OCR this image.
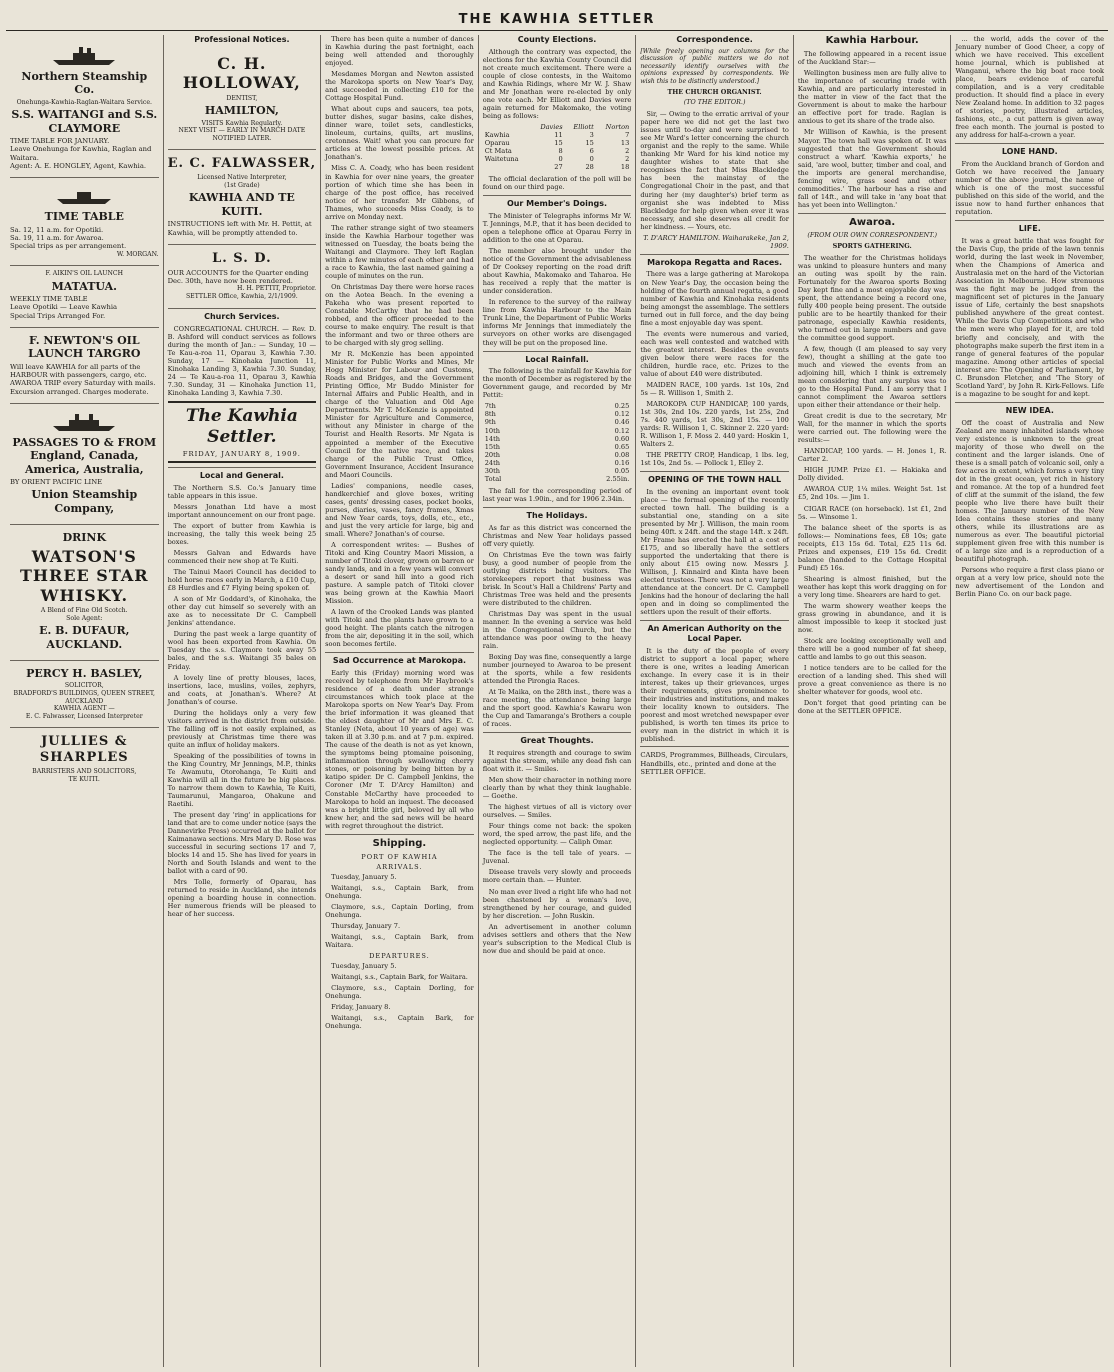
THE KAWHIA SETTLER
Northern Steamship Co.
Onehunga-Kawhia-Raglan-Waitara Service.
S.S. WAITANGI and S.S. CLAYMORE
TIME TABLE FOR JANUARY.
Leave Onehunga for Kawhia, Raglan and Waitara.
Agent: A. E. HONGLEY, Agent, Kawhia.
TIME TABLE
Sa. 12, 11 a.m. for Opotiki.
Sa. 19, 11 a.m. for Awaroa.
Special trips as per arrangement.
W. MORGAN.
F. AIKIN'S OIL LAUNCH
MATATUA.
WEEKLY TIME TABLE
Leave Opotiki — Leave Kawhia
Special Trips Arranged For.
F. NEWTON'S OIL LAUNCH TARGRO
Will leave KAWHIA for all parts of the HARBOUR with passengers, cargo, etc.
AWAROA TRIP every Saturday with mails.
Excursion arranged. Charges moderate.
PASSAGES TO & FROM England, Canada, America, Australia,
BY ORIENT PACIFIC LINE
Union Steamship Company,
DRINK
WATSON'S THREE STAR WHISKY.
A Blend of Fine Old Scotch.
Sole Agent:
E. B. DUFAUR, AUCKLAND.
PERCY H. BASLEY,
SOLICITOR,
BRADFORD'S BUILDINGS, QUEEN STREET, AUCKLAND
KAWHIA AGENT —
E. C. Falwasser, Licensed Interpreter
JULLIES & SHARPLES
BARRISTERS AND SOLICITORS,
TE KUITI.
Professional Notices.
C. H. HOLLOWAY,
DENTIST,
HAMILTON,
VISITS Kawhia Regularly.
NEXT VISIT — EARLY IN MARCH DATE NOTIFIED LATER.
E. C. FALWASSER,
Licensed Native Interpreter,
(1st Grade)
KAWHIA AND TE KUITI.
INSTRUCTIONS left with Mr. H. Pettit, at Kawhia, will be promptly attended to.
L. S. D.
OUR ACCOUNTS for the Quarter ending Dec. 30th, have now been rendered.
H. H. PETTIT, Proprietor.
SETTLER Office, Kawhia, 2/1/1909.
Church Services.

CONGREGATIONAL CHURCH. — Rev. D. B. Ashford will conduct services as follows during the month of Jan.: — Sunday, 10 — Te Kau-a-roa 11, Oparau 3, Kawhia 7.30. Sunday, 17 — Kinohaka Junction 11, Kinohaka Landing 3, Kawhia 7.30. Sunday, 24 — Te Kau-a-roa 11, Oparau 3, Kawhia 7.30. Sunday, 31 — Kinohaka Junction 11, Kinohaka Landing 3, Kawhia 7.30.

The Kawhia Settler.
FRIDAY, JANUARY 8, 1909.
Local and General.

The Northern S.S. Co.'s January time table appears in this issue.

Messrs Jonathan Ltd have a most important announcement on our front page.

The export of butter from Kawhia is increasing, the tally this week being 25 boxes.

Messrs Galvan and Edwards have commenced their new shop at Te Kuiti.

The Tainui Maori Council has decided to hold horse races early in March, a £10 Cup, £8 Hurdles and £7 Flying being spoken of.

A son of Mr Goddard's, of Kinohaka, the other day cut himself so severely with an axe as to necessitate Dr C. Campbell Jenkins' attendance.

During the past week a large quantity of wool has been exported from Kawhia. On Tuesday the s.s. Claymore took away 55 bales, and the s.s. Waitangi 35 bales on Friday.

A lovely line of pretty blouses, laces, insertions, lace, muslins, voiles, zephyrs, and coats, at Jonathan's. Where? At Jonathan's of course.

During the holidays only a very few visitors arrived in the district from outside. The falling off is not easily explained, as previously at Christmas time there was quite an influx of holiday makers.

Speaking of the possibilities of towns in the King Country, Mr Jennings, M.P., thinks Te Awamutu, Otorohanga, Te Kuiti and Kawhia will all in the future be big places. To narrow them down to Kawhia, Te Kuiti, Taumarunui, Mangaroa, Ohakune and Raetihi.

The present day 'ring' in applications for land that are to come under notice (says the Dannevirke Press) occurred at the ballot for Kaimanawa sections. Mrs Mary D. Rose was successful in securing sections 17 and 7, blocks 14 and 15. She has lived for years in North and South Islands and went to the ballot with a card of 90.

Mrs Tolle, formerly of Oparau, has returned to reside in Auckland, she intends opening a boarding house in connection. Her numerous friends will be pleased to hear of her success.

There has been quite a number of dances in Kawhia during the past fortnight, each being well attended and thoroughly enjoyed.

Mesdames Morgan and Newton assisted the Marokopa sports on New Year's Day, and succeeded in collecting £10 for the Cottage Hospital Fund.

What about cups and saucers, tea pots, butter dishes, sugar basins, cake dishes, dinner ware, toilet sets, candlesticks, linoleum, curtains, quilts, art muslins, cretonnes. Wait! what you can procure for articles at the lowest possible prices. At Jonathan's.

Miss C. A. Coady, who has been resident in Kawhia for over nine years, the greater portion of which time she has been in charge of the post office, has received notice of her transfer. Mr Gibbons, of Thames, who succeeds Miss Coady, is to arrive on Monday next.

The rather strange sight of two steamers inside the Kawhia Harbour together was witnessed on Tuesday, the boats being the Waitangi and Claymore. They left Raglan within a few minutes of each other and had a race to Kawhia, the last named gaining a couple of minutes on the run.

On Christmas Day there were horse races on the Aotea Beach. In the evening a Pakeha who was present reported to Constable McCarthy that he had been robbed, and the officer proceeded to the course to make enquiry. The result is that the informant and two or three others are to be charged with sly grog selling.

Mr R. McKenzie has been appointed Minister for Public Works and Mines, Mr Hogg Minister for Labour and Customs, Roads and Bridges, and the Government Printing Office, Mr Buddo Minister for Internal Affairs and Public Health, and in charge of the Valuation and Old Age Departments. Mr T. McKenzie is appointed Minister for Agriculture and Commerce, without any Minister in charge of the Tourist and Health Resorts. Mr Ngata is appointed a member of the Executive Council for the native race, and takes charge of the Public Trust Office, Government Insurance, Accident Insurance and Maori Councils.

Ladies' companions, needle cases, handkerchief and glove boxes, writing cases, gents' dressing cases, pocket books, purses, diaries, vases, fancy frames, Xmas and New Year cards, toys, dolls, etc., etc., and just the very article for large, big and small. Where? Jonathan's of course.

A correspondent writes: — Bushes of Titoki and King Country Maori Mission, a number of Titoki clover, grown on barren or sandy lands, and in a few years will convert a desert or sand hill into a good rich pasture. A sample patch of Titoki clover was being grown at the Kawhia Maori Mission.

A lawn of the Crooked Lands was planted with Titoki and the plants have grown to a good height. The plants catch the nitrogen from the air, depositing it in the soil, which soon becomes fertile.

Sad Occurrence at Marokopa.

Early this (Friday) morning word was received by telephone from Mr Haybrook's residence of a death under strange circumstances which took place at the Marokopa sports on New Year's Day. From the brief information it was gleaned that the eldest daughter of Mr and Mrs E. C. Stanley (Neta, about 10 years of age) was taken ill at 3.30 p.m. and at 7 p.m. expired. The cause of the death is not as yet known, the symptoms being ptomaine poisoning, inflammation through swallowing cherry stones, or poisoning by being bitten by a katipo spider. Dr C. Campbell Jenkins, the Coroner (Mr T. D'Arcy Hamilton) and Constable McCarthy have proceeded to Marokopa to hold an inquest. The deceased was a bright little girl, beloved by all who knew her, and the sad news will be heard with regret throughout the district.

Shipping.
PORT OF KAWHIA
ARRIVALS.

Tuesday, January 5.

Waitangi, s.s., Captain Bark, from Onehunga.

Claymore, s.s., Captain Dorling, from Onehunga.

Thursday, January 7.

Waitangi, s.s., Captain Bark, from Waitara.

DEPARTURES.

Tuesday, January 5.

Waitangi, s.s., Captain Bark, for Waitara.

Claymore, s.s., Captain Dorling, for Onehunga.

Friday, January 8.

Waitangi, s.s., Captain Bark, for Onehunga.

County Elections.

Although the contrary was expected, the elections for the Kawhia County Council did not create much excitement. There were a couple of close contests, in the Waitomo and Kawhia Ridings, where Mr W. J. Shaw and Mr Jonathan were re-elected by only one vote each. Mr Elliott and Davies were again returned for Makomako, the voting being as follows:

	Davies	Elliott	Norton
Kawhia	11	3	7
Oparau	15	15	13
Ct Mata	8	6	2
Waitetuna	0	0	2
	27	28	18

The official declaration of the poll will be found on our third page.

Our Member's Doings.

The Minister of Telegraphs informs Mr W. T. Jennings, M.P., that it has been decided to open a telephone office at Oparau Ferry in addition to the one at Oparau.

The member also brought under the notice of the Government the advisableness of Dr Cooksey reporting on the road drift about Kawhia, Makomako and Taharoa. He has received a reply that the matter is under consideration.

In reference to the survey of the railway line from Kawhia Harbour to the Main Trunk Line, the Department of Public Works informs Mr Jennings that immediately the surveyors on other works are disengaged they will be put on the proposed line.

Local Rainfall.

The following is the rainfall for Kawhia for the month of December as registered by the Government gauge, and recorded by Mr Pettit:

7th	0.25
8th	0.12
9th	0.46
10th	0.12
14th	0.60
15th	0.65
20th	0.08
24th	0.16
30th	0.05
Total	2.55in.

The fall for the corresponding period of last year was 1.90in., and for 1906 2.34in.

The Holidays.

As far as this district was concerned the Christmas and New Year holidays passed off very quietly.

On Christmas Eve the town was fairly busy, a good number of people from the outlying districts being visitors. The storekeepers report that business was brisk. In Scout's Hall a Childrens' Party and Christmas Tree was held and the presents were distributed to the children.

Christmas Day was spent in the usual manner. In the evening a service was held in the Congregational Church, but the attendance was poor owing to the heavy rain.

Boxing Day was fine, consequently a large number journeyed to Awaroa to be present at the sports, while a few residents attended the Pirongia Races.

At Te Maika, on the 28th inst., there was a race meeting, the attendance being large and the sport good. Kawhia's Kawaru won the Cup and Tamaranga's Brothers a couple of races.

Great Thoughts.

It requires strength and courage to swim against the stream, while any dead fish can float with it. — Smiles.

Men show their character in nothing more clearly than by what they think laughable. — Goethe.

The highest virtues of all is victory over ourselves. — Smiles.

Four things come not back: the spoken word, the sped arrow, the past life, and the neglected opportunity. — Caliph Omar.

The face is the tell tale of years. — Juvenal.

Disease travels very slowly and proceeds more certain than. — Hunter.

No man ever lived a right life who had not been chastened by a woman's love, strengthened by her courage, and guided by her discretion. — John Ruskin.

An advertisement in another column advises settlers and others that the New year's subscription to the Medical Club is now due and should be paid at once.

Correspondence.
[While freely opening our columns for the discussion of public matters we do not necessarily identify ourselves with the opinions expressed by correspondents. We wish this to be distinctly understood.]
THE CHURCH ORGANIST.
(TO THE EDITOR.)

Sir, — Owing to the erratic arrival of your paper here we did not get the last two issues until to-day and were surprised to see Mr Ward's letter concerning the church organist and the reply to the same. While thanking Mr Ward for his kind notice my daughter wishes to state that she recognises the fact that Miss Blackledge has been the mainstay of the Congregational Choir in the past, and that during her (my daughter's) brief term as organist she was indebted to Miss Blackledge for help given when ever it was necessary, and she deserves all credit for her kindness. — Yours, etc.

T. D'ARCY HAMILTON. Waiharakeke, Jan 2, 1909.
Marokopa Regatta and Races.

There was a large gathering at Marokopa on New Year's Day, the occasion being the holding of the fourth annual regatta, a good number of Kawhia and Kinohaka residents being amongst the assemblage. The settlers turned out in full force, and the day being fine a most enjoyable day was spent.

The events were numerous and varied, each was well contested and watched with the greatest interest. Besides the events given below there were races for the children, hurdle race, etc. Prizes to the value of about £40 were distributed.

MAIDEN RACE, 100 yards. 1st 10s, 2nd 5s — R. Willison 1, Smith 2.

MAROKOPA CUP HANDICAP, 100 yards, 1st 30s, 2nd 10s. 220 yards, 1st 25s, 2nd 7s. 440 yards, 1st 30s, 2nd 15s. — 100 yards: R. Willison 1, C. Skinner 2. 220 yard: R. Willison 1, F. Moss 2. 440 yard: Hoskin 1, Walters 2.

THE PRETTY CROP, Handicap, 1 lbs. leg, 1st 10s, 2nd 5s. — Pollock 1, Elley 2.

OPENING OF THE TOWN HALL

In the evening an important event took place — the formal opening of the recently erected town hall. The building is a substantial one, standing on a site presented by Mr J. Willison, the main room being 40ft. x 24ft. and the stage 14ft. x 24ft. Mr Frame has erected the hall at a cost of £175, and so liberally have the settlers supported the undertaking that there is only about £15 owing now. Messrs J. Willison, J. Kinnaird and Kinta have been elected trustees. There was not a very large attendance at the concert. Dr C. Campbell Jenkins had the honour of declaring the hall open and in doing so complimented the settlers upon the result of their efforts.

An American Authority on the Local Paper.

It is the duty of the people of every district to support a local paper, where there is one, writes a leading American exchange. In every case it is in their interest, takes up their grievances, urges their requirements, gives prominence to their industries and institutions, and makes their locality known to outsiders. The poorest and most wretched newspaper ever published, is worth ten times its price to every man in the district in which it is published.

CARDS, Programmes, Billheads, Circulars, Handbills, etc., printed and done at the SETTLER OFFICE.
Kawhia Harbour.

The following appeared in a recent issue of the Auckland Star:—

Wellington business men are fully alive to the importance of securing trade with Kawhia, and are particularly interested in the matter in view of the fact that the Government is about to make the harbour an effective port for trade. Raglan is anxious to get its share of the trade also.

Mr Willison of Kawhia, is the present Mayor. The town hall was spoken of. It was suggested that the Government should construct a wharf. 'Kawhia exports,' he said, 'are wool, butter, timber and coal, and the imports are general merchandise, fencing wire, grass seed and other commodities.' The harbour has a rise and fall of 14ft., and will take in 'any boat that has yet been into Wellington.'

Awaroa.
(FROM OUR OWN CORRESPONDENT.)
SPORTS GATHERING.

The weather for the Christmas holidays was unkind to pleasure hunters and many an outing was spoilt by the rain. Fortunately for the Awaroa sports Boxing Day kept fine and a most enjoyable day was spent, the attendance being a record one, fully 400 people being present. The outside public are to be heartily thanked for their patronage, especially Kawhia residents, who turned out in large numbers and gave the committee good support.

A few, though (I am pleased to say very few), thought a shilling at the gate too much and viewed the events from an adjoining hill, which I think is extremely mean considering that any surplus was to go to the Hospital Fund. I am sorry that I cannot compliment the Awaroa settlers upon either their attendance or their help.

Great credit is due to the secretary, Mr Wall, for the manner in which the sports were carried out. The following were the results:—

HANDICAP, 100 yards. — H. Jones 1, R. Carter 2.

HIGH JUMP. Prize £1. — Hakiaka and Dolly divided.

AWAROA CUP, 1¼ miles. Weight 5st. 1st £5, 2nd 10s. — Jim 1.

CIGAR RACE (on horseback). 1st £1, 2nd 5s. — Winsome 1.

The balance sheet of the sports is as follows:— Nominations fees, £8 10s; gate receipts, £13 15s 6d. Total, £25 11s 6d. Prizes and expenses, £19 15s 6d. Credit balance (handed to the Cottage Hospital Fund) £5 16s.

Shearing is almost finished, but the weather has kept this work dragging on for a very long time. Shearers are hard to get.

The warm showery weather keeps the grass growing in abundance, and it is almost impossible to keep it stocked just now.

Stock are looking exceptionally well and there will be a good number of fat sheep, cattle and lambs to go out this season.

I notice tenders are to be called for the erection of a landing shed. This shed will prove a great convenience as there is no shelter whatever for goods, wool etc.

Don't forget that good printing can be done at the SETTLER OFFICE.

... the world, adds the cover of the Jenuary number of Good Cheer, a copy of which we have received. This excellent home journal, which is published at Wanganui, where the big boat race took place, bears evidence of careful compilation, and is a very creditable production. It should find a place in every New Zealand home. In addition to 32 pages of stories, poetry, illustrated articles, fashions, etc., a cut pattern is given away free each month. The journal is posted to any address for half-a-crown a year.

LONE HAND.

From the Auckland branch of Gordon and Gotch we have received the January number of the above journal, the name of which is one of the most successful published on this side of the world, and the issue now to hand further enhances that reputation.

LIFE.

It was a great battle that was fought for the Davis Cup, the pride of the lawn tennis world, during the last week in November, when the Champions of America and Australasia met on the hard of the Victorian Association in Melbourne. How strenuous was the fight may be judged from the magnificent set of pictures in the January issue of Life, certainly the best snapshots published anywhere of the great contest. While the Davis Cup Competitions and who the men were who played for it, are told briefly and concisely, and with the photographs make superb the first item in a range of general features of the popular magazine. Among other articles of special interest are: The Opening of Parliament, by C. Brunsdon Fletcher, and 'The Story of Scotland Yard', by John R. Kirk-Fellows. Life is a magazine to be sought for and kept.

NEW IDEA.

Off the coast of Australia and New Zealand are many inhabited islands whose very existence is unknown to the great majority of those who dwell on the continent and the larger islands. One of these is a small patch of volcanic soil, only a few acres in extent, which forms a very tiny dot in the great ocean, yet rich in history and romance. At the top of a hundred feet of cliff at the summit of the island, the few people who live there have built their homes. The January number of the New Idea contains these stories and many others, while its illustrations are as numerous as ever. The beautiful pictorial supplement given free with this number is of a large size and is a reproduction of a beautiful photograph.

Persons who require a first class piano or organ at a very low price, should note the new advertisement of the London and Berlin Piano Co. on our back page.
